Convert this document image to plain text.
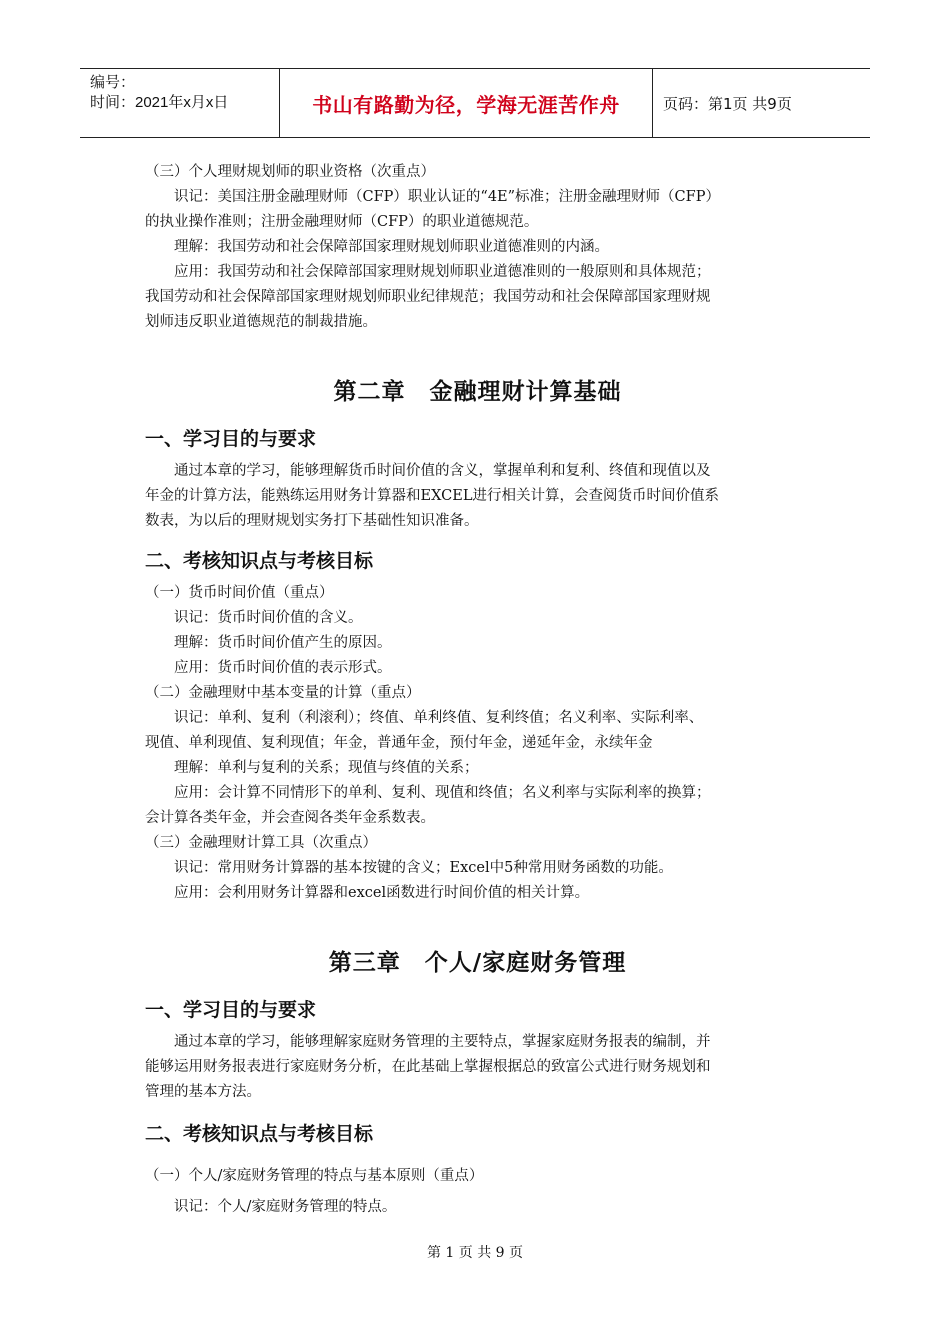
编号：
时间：2021年x月x日	书山有路勤为径，学海无涯苦作舟	页码：第1页 共9页

（三）个人理财规划师的职业资格（次重点）

识记：美国注册金融理财师（CFP）职业认证的“4E”标准；注册金融理财师（CFP）

的执业操作准则；注册金融理财师（CFP）的职业道德规范。

理解：我国劳动和社会保障部国家理财规划师职业道德准则的内涵。

应用：我国劳动和社会保障部国家理财规划师职业道德准则的一般原则和具体规范；

我国劳动和社会保障部国家理财规划师职业纪律规范；我国劳动和社会保障部国家理财规

划师违反职业道德规范的制裁措施。

第二章　金融理财计算基础

一、学习目的与要求

通过本章的学习，能够理解货币时间价值的含义，掌握单利和复利、终值和现值以及

年金的计算方法，能熟练运用财务计算器和EXCEL进行相关计算，会查阅货币时间价值系

数表，为以后的理财规划实务打下基础性知识准备。

二、考核知识点与考核目标

（一）货币时间价值（重点）

识记：货币时间价值的含义。

理解：货币时间价值产生的原因。

应用：货币时间价值的表示形式。

（二）金融理财中基本变量的计算（重点）

识记：单利、复利（利滚利）；终值、单利终值、复利终值；名义利率、实际利率、

现值、单利现值、复利现值；年金，普通年金，预付年金，递延年金，永续年金

理解：单利与复利的关系；现值与终值的关系；

应用：会计算不同情形下的单利、复利、现值和终值；名义利率与实际利率的换算；

会计算各类年金，并会查阅各类年金系数表。

（三）金融理财计算工具（次重点）

识记：常用财务计算器的基本按键的含义；Excel中5种常用财务函数的功能。

应用：会利用财务计算器和excel函数进行时间价值的相关计算。

第三章　个人/家庭财务管理

一、学习目的与要求

通过本章的学习，能够理解家庭财务管理的主要特点，掌握家庭财务报表的编制，并

能够运用财务报表进行家庭财务分析，在此基础上掌握根据总的致富公式进行财务规划和

管理的基本方法。

二、考核知识点与考核目标

（一）个人/家庭财务管理的特点与基本原则（重点）

识记：个人/家庭财务管理的特点。

第 1 页 共 9 页
